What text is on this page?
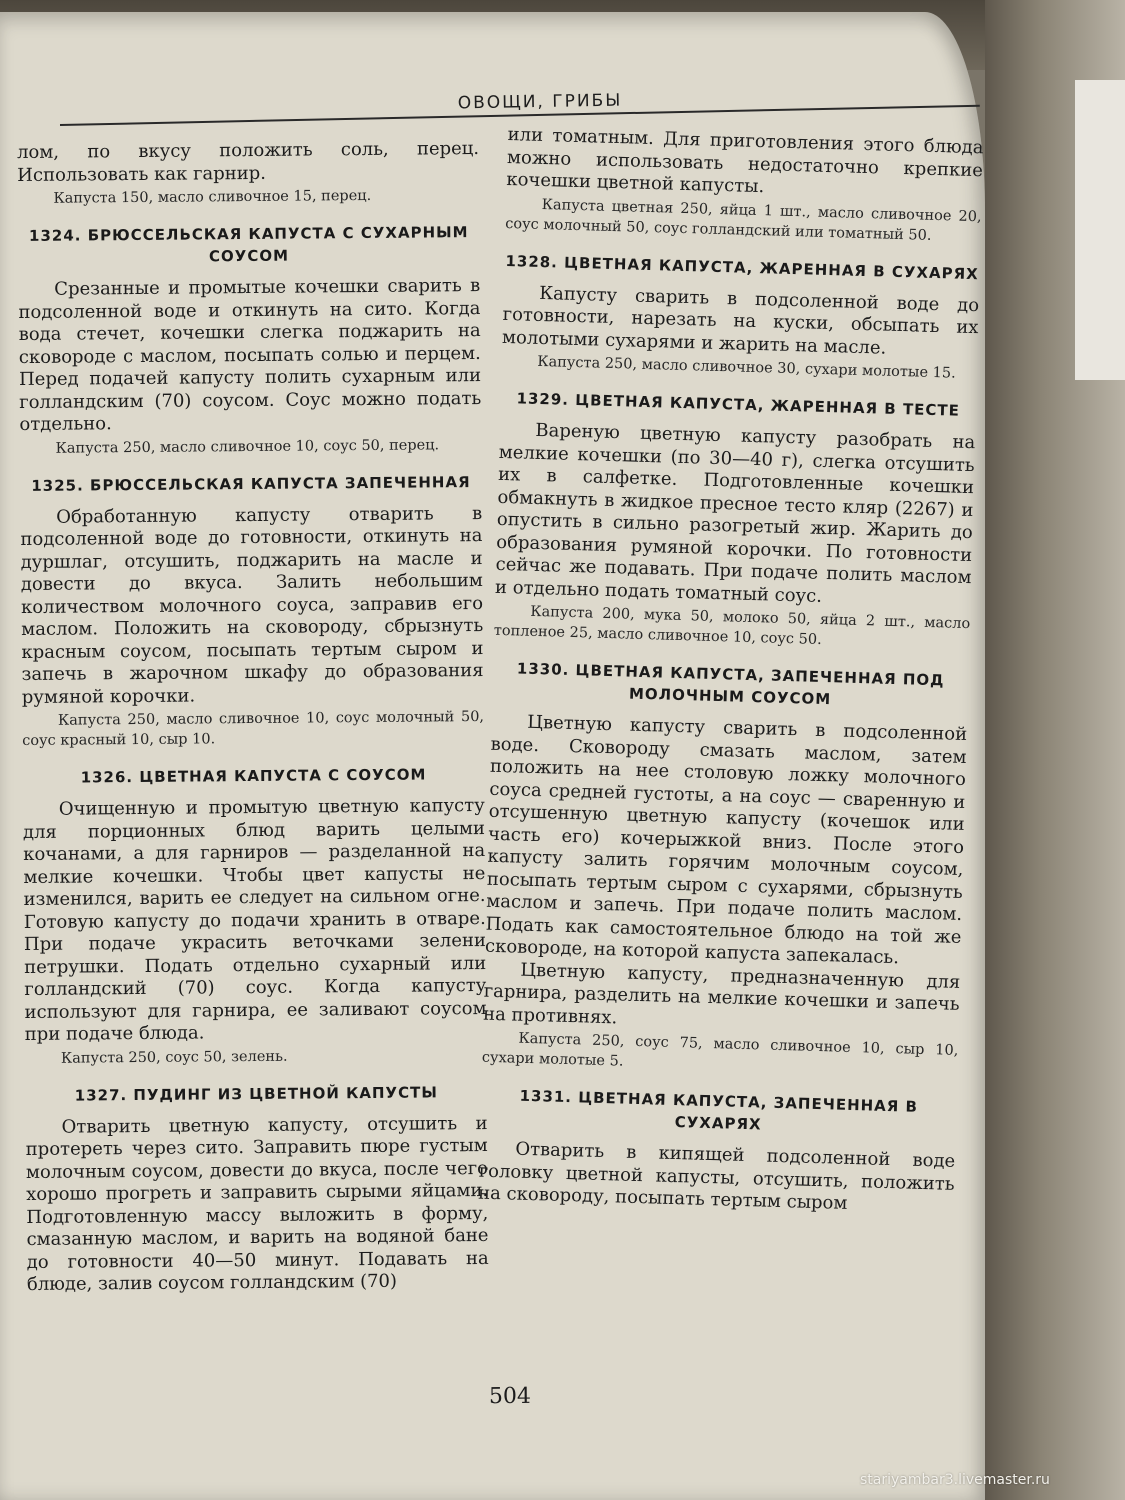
ОВОЩИ, ГРИБЫ

лом, по вкусу положить соль, перец. Использовать как гарнир.

Капуста 150, масло сливочное 15, перец.

1324. БРЮССЕЛЬСКАЯ КАПУСТА С СУХАРНЫМ СОУСОМ

Срезанные и промытые кочешки сварить в подсоленной воде и откинуть на сито. Когда вода стечет, кочешки слегка поджарить на сковороде с маслом, посыпать солью и перцем. Перед подачей капусту полить сухарным или голландским (70) соусом. Соус можно подать отдельно.

Капуста 250, масло сливочное 10, соус 50, перец.

1325. БРЮССЕЛЬСКАЯ КАПУСТА ЗАПЕЧЕННАЯ

Обработанную капусту отварить в подсоленной воде до готовности, откинуть на дуршлаг, отсушить, поджарить на масле и довести до вкуса. Залить небольшим количеством молочного соуса, заправив его маслом. Положить на сковороду, сбрызнуть красным соусом, посыпать тертым сыром и запечь в жарочном шкафу до образования румяной корочки.

Капуста 250, масло сливочное 10, соус молочный 50, соус красный 10, сыр 10.

1326. ЦВЕТНАЯ КАПУСТА С СОУСОМ

Очищенную и промытую цветную капусту для порционных блюд варить целыми кочанами, а для гарниров — разделанной на мелкие кочешки. Чтобы цвет капусты не изменился, варить ее следует на сильном огне. Готовую капусту до подачи хранить в отваре. При подаче украсить веточками зелени петрушки. Подать отдельно сухарный или голландский (70) соус. Когда капусту используют для гарнира, ее заливают соусом при подаче блюда.

Капуста 250, соус 50, зелень.

1327. ПУДИНГ ИЗ ЦВЕТНОЙ КАПУСТЫ

Отварить цветную капусту, отсушить и протереть через сито. Заправить пюре густым молочным соусом, довести до вкуса, после чего хорошо прогреть и заправить сырыми яйцами. Подготовленную массу выложить в форму, смазанную маслом, и варить на водяной бане до готовности 40—50 минут. Подавать на блюде, залив соусом голландским (70)

или томатным. Для приготовления этого блюда можно использовать недостаточно крепкие кочешки цветной капусты.

Капуста цветная 250, яйца 1 шт., масло сливочное 20, соус молочный 50, соус голландский или томатный 50.

1328. ЦВЕТНАЯ КАПУСТА, ЖАРЕННАЯ В СУХАРЯХ

Капусту сварить в подсоленной воде до готовности, нарезать на куски, обсыпать их молотыми сухарями и жарить на масле.

Капуста 250, масло сливочное 30, сухари молотые 15.

1329. ЦВЕТНАЯ КАПУСТА, ЖАРЕННАЯ В ТЕСТЕ

Вареную цветную капусту разобрать на мелкие кочешки (по 30—40 г), слегка отсушить их в салфетке. Подготовленные кочешки обмакнуть в жидкое пресное тесто кляр (2267) и опустить в сильно разогретый жир. Жарить до образования румяной корочки. По готовности сейчас же подавать. При подаче полить маслом и отдельно подать томатный соус.

Капуста 200, мука 50, молоко 50, яйца 2 шт., масло топленое 25, масло сливочное 10, соус 50.

1330. ЦВЕТНАЯ КАПУСТА, ЗАПЕЧЕННАЯ ПОД МОЛОЧНЫМ СОУСОМ

Цветную капусту сварить в подсоленной воде. Сковороду смазать маслом, затем положить на нее столовую ложку молочного соуса средней густоты, а на соус — сваренную и отсушенную цветную капусту (кочешок или часть его) кочерыжкой вниз. После этого капусту залить горячим молочным соусом, посыпать тертым сыром с сухарями, сбрызнуть маслом и запечь. При подаче полить маслом. Подать как самостоятельное блюдо на той же сковороде, на которой капуста запекалась.

Цветную капусту, предназначенную для гарнира, разделить на мелкие кочешки и запечь на противнях.

Капуста 250, соус 75, масло сливочное 10, сыр 10, сухари молотые 5.

1331. ЦВЕТНАЯ КАПУСТА, ЗАПЕЧЕННАЯ В СУХАРЯХ

Отварить в кипящей подсоленной воде головку цветной капусты, отсушить, положить на сковороду, посыпать тертым сыром

504
stariyambar3.livemaster.ru
